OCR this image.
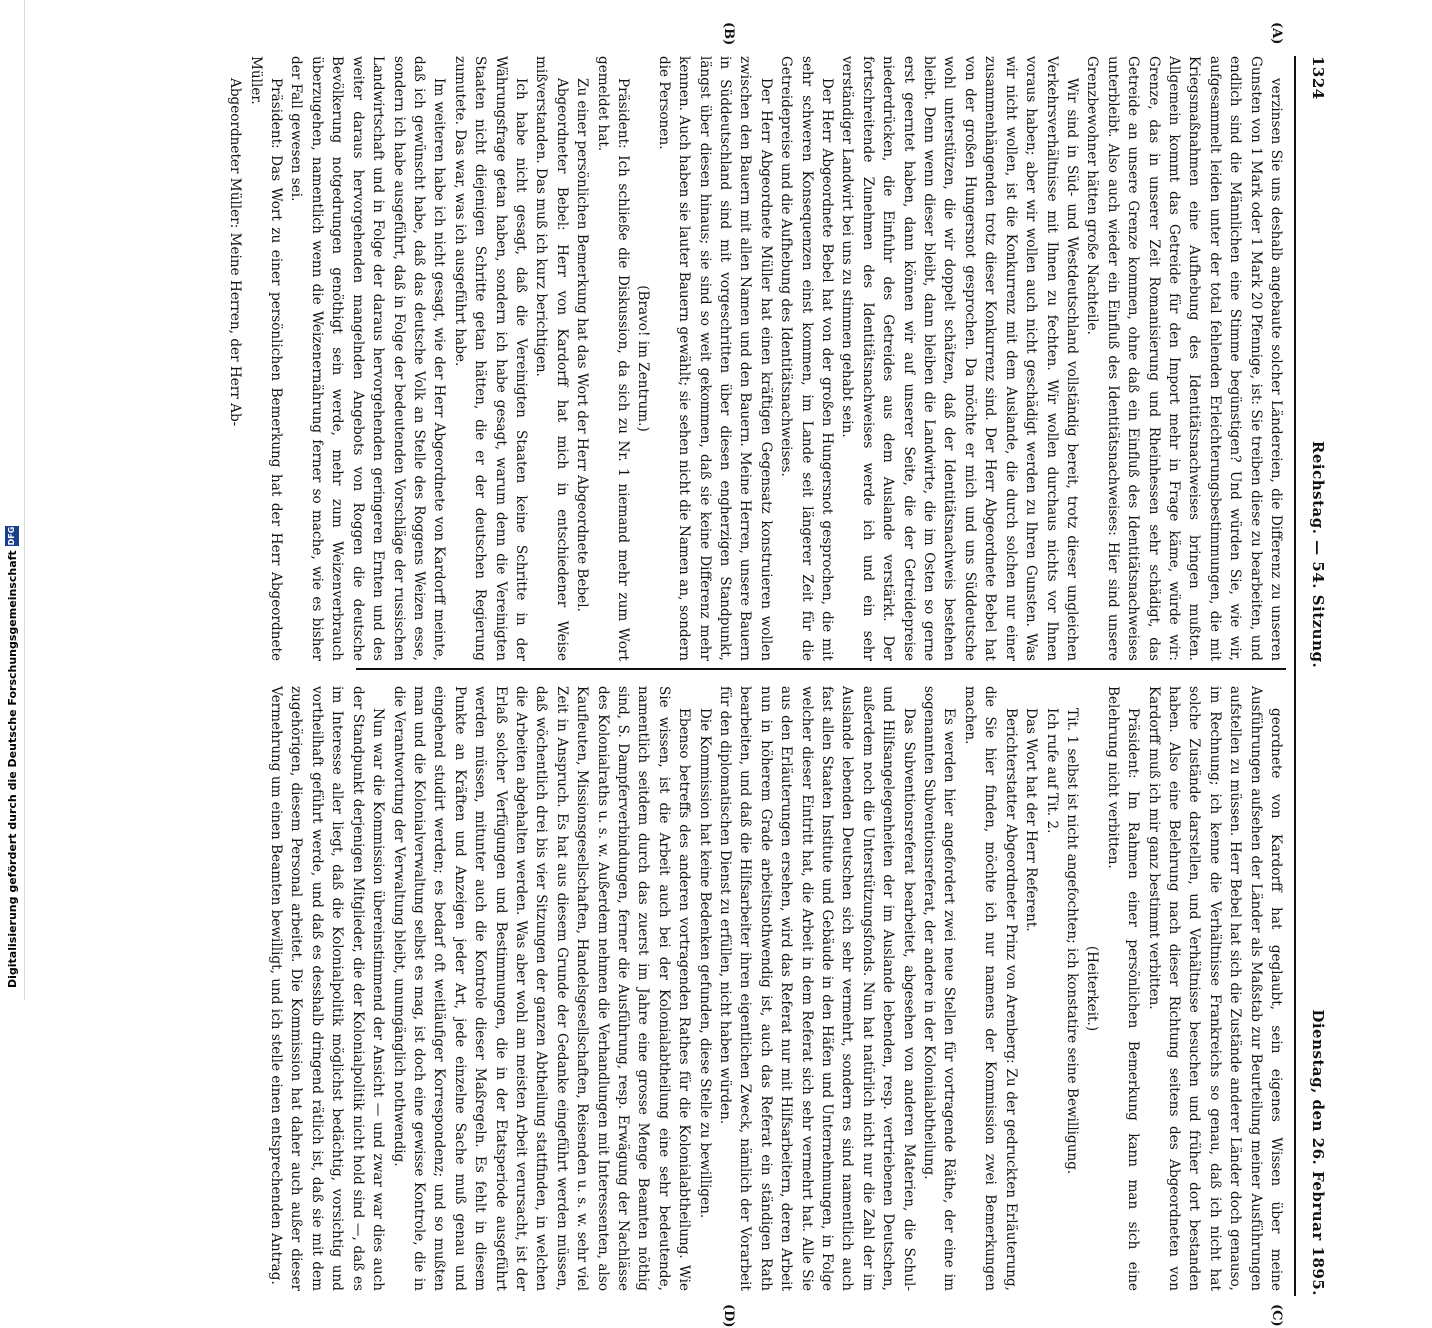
Digitalisierung gefördert durch die Deutsche Forschungsgemeinschaft
DFG
1324
Reichstag. — 54. Sitzung.
Dienstag, den 26. Februar 1895.
(A)
(B)
(C)
(D)

verzinsen Sie uns deshalb angebaute solcher Ländereien, die Differenz zu unseren Gunsten von 1 Mark oder 1 Mark 20 Pfennige, ist: Sie treiben diese zu bearbeiten, und endlich sind die Männlichen eine Stimme begünstigen? Und würden Sie, wie wir, aufgesammelt leiden unter der total fehlenden Erleichterungsbestimmungen, die mit Kriegsmaßnahmen eine Aufhebung des Identitätsnachweises bringen mußten. Allgemein kommt das Getreide für den Import mehr in Frage käme, würde wir: Grenze, das in unserer Zeit Romanisierung und Rheinhessen sehr schädigt, das Getreide an unsere Grenze kommen, ohne daß ein Einfluß des Identitätsnachweises unterbleibt. Also auch wieder ein Einfluß des Identitätsnachweises: Hier sind unsere Grenzbewohner hätten große Nachteile.

Wir sind in Süd- und Westdeutschland vollständig bereit, trotz dieser ungleichen Verkehrsverhältnisse mit Ihnen zu fechten. Wir wollen durchaus nichts vor Ihnen voraus haben; aber wir wollen auch nicht geschädigt werden zu Ihren Gunsten. Was wir nicht wollen, ist die Konkurrenz mit dem Auslande, die durch solchen nur einer zusammenhängenden trotz dieser Konkurrenz sind. Der Herr Abgeordnete Bebel hat von der großen Hungersnot gesprochen. Da möchte er mich und uns Süddeutsche wohl unterstützen, die wir doppelt schätzen, daß der Identitätsnachweis bestehen bleibt. Denn wenn dieser bleibt, dann bleiben die Landwirte, die im Osten so gerne erst geerntet haben, dann können wir auf unserer Seite, die der Getreidepreise niederdrücken, die Einfuhr des Getreides aus dem Auslande verstärkt. Der fortschreitende Zunehmen des Identitätsnachweises werde ich und ein sehr verständiger Landwirt bei uns zu stimmen gehabt sein.

Der Herr Abgeordnete Bebel hat von der großen Hungersnot gesprochen, die mit sehr schweren Konsequenzen einst kommen, im Lande seit längerer Zeit für die Getreidepreise und die Aufhebung des Identitätsnachweises.

Der Herr Abgeordnete Müller hat einen kräftigen Gegensatz konstruieren wollen zwischen den Bauern mit allen Namen und den Bauern. Meine Herren, unsere Bauern in Süddeutschland sind mit vorgeschritten über diesen engherzigen Standpunkt, längst über diesen hinaus; sie sind so weit gekommen, daß sie keine Differenz mehr kennen. Auch haben sie lauter Bauern gewählt; sie sehen nicht die Namen an, sondern die Personen.

(Bravo! im Zentrum.)

Präsident: Ich schließe die Diskussion, da sich zu Nr. 1 niemand mehr zum Wort gemeldet hat.

Zu einer persönlichen Bemerkung hat das Wort der Herr Abgeordnete Bebel.

Abgeordneter Bebel: Herr von Kardorff hat mich in entschiedener Weise mißverstanden. Das muß ich kurz berichtigen.

Ich habe nicht gesagt, daß die Vereinigten Staaten keine Schritte in der Währungsfrage getan haben, sondern ich habe gesagt, warum denn die Vereinigten Staaten nicht diejenigen Schritte getan hätten, die er der deutschen Regierung zumutete. Das war, was ich ausgeführt habe.

Im weiteren habe ich nicht gesagt, wie der Herr Abgeordnete von Kardorff meinte, daß ich gewünscht habe, daß das deutsche Volk an Stelle des Roggens Weizen esse, sondern ich habe ausgeführt, daß in Folge der bedeutenden Vorschläge der russischen Landwirtschaft und in Folge der daraus hervorgehenden geringeren Ernten und des weiter daraus hervorgehenden mangelnden Angebots von Roggen die deutsche Bevölkerung notgedrungen genöthigt sein werde, mehr zum Weizenverbrauch überzugehen, namentlich wenn die Weizenernährung ferner so mache, wie es bisher der Fall gewesen sei.

Präsident: Das Wort zu einer persönlichen Bemerkung hat der Herr Abgeordnete Müller.

Abgeordneter Müller: Meine Herren, der Herr Ab-

geordnete von Kardorff hat geglaubt, sein eigenes Wissen über meine Ausführungen aufsehen der Länder als Maßstab zur Beurteilung meiner Ausführungen aufstellen zu müssen. Herr Bebel hat sich die Zustände anderer Länder doch genauso, im Rechnung; ich kenne die Verhältnisse Frankreichs so genau, daß ich nicht hat solche Zustände darstellen, und Verhältnisse besuchen und früher dort bestanden haben. Also eine Belehrung nach dieser Richtung seitens des Abgeordneten von Kardorff muß ich mir ganz bestimmt verbitten.

Präsident: Im Rahmen einer persönlichen Bemerkung kann man sich eine Belehrung nicht verbitten.

(Heiterkeit.)

Tit. 1 selbst ist nicht angefochten; ich konstatire seine Bewilligung.

Ich rufe auf Tit. 2.

Das Wort hat der Herr Referent.

Berichterstatter Abgeordneter Prinz von Arenberg: Zu der gedruckten Erläuterung, die Sie hier finden, möchte ich nur namens der Kommission zwei Bemerkungen machen.

Es werden hier angefordert zwei neue Stellen für vortragende Räthe, der eine im sogenannten Subventionsreferat, der andere in der Kolonialabtheilung.

Das Subventionsreferat bearbeitet, abgesehen von anderen Materien, die Schul- und Hilfsangelegenheiten der im Auslande lebenden, resp. vertriebenen Deutschen, außerdem noch die Unterstützungsfonds. Nun hat natürlich nicht nur die Zahl der im Auslande lebenden Deutschen sich sehr vermehrt, sondern es sind namentlich auch fast allen Staaten Institute und Gebäude in den Häfen und Unternehmungen, in Folge welcher dieser Eintritt hat, die Arbeit in dem Referat sich sehr vermehrt hat. Alle Sie aus den Erläuterungen ersehen, wird das Referat nur mit Hilfsarbeitern, deren Arbeit nun in höherem Grade arbeitsnothwendig ist, auch das Referat ein ständigen Rath bearbeiten, und daß die Hilfsarbeiter ihren eigentlichen Zweck, nämlich der Vorarbeit für den diplomatischen Dienst zu erfüllen, nicht haben würden.

Die Kommission hat keine Bedenken gefunden, diese Stelle zu bewilligen.

Ebenso betreffs des anderen vortragenden Rathes für die Kolonialabtheilung. Wie Sie wissen, ist die Arbeit auch bei der Kolonialabtheilung eine sehr bedeutende, namentlich seitdem durch das zuerst im Jahre eine grosse Menge Beamten nöthig sind, S. Dampferverbindungen, ferner die Ausführung, resp. Erwägung der Nachlässe des Kolonialraths u. s. w. Außerdem nehmen die Verhandlungen mit Interessenten, also Kaufleuten, Missionsgesellschaften, Handelsgesellschaften, Reisenden u. s. w. sehr viel Zeit in Anspruch. Es hat aus diesem Grunde der Gedanke eingeführt werden müssen, daß wöchentlich drei bis vier Sitzungen der ganzen Abtheilung stattfinden, in welchen die Arbeiten abgehalten werden. Was aber wohl am meisten Arbeit verursacht, ist der Erlaß solcher Verfügungen und Bestimmungen, die in der Etatsperiode ausgeführt werden müssen, mitunter auch die Kontrole dieser Maßregeln. Es fehlt in diesem Punkte an Kräften und Anzeigen jeder Art, jede einzelne Sache muß genau und eingehend studirt werden; es bedarf oft weitläufiger Korrespondenz; und so mußten man und die Kolonialverwaltung selbst es mag, ist doch eine gewisse Kontrole, die in die Verantwortung der Verwaltung bleibt, unumgänglich nothwendig.

Nun war die Kommission übereinstimmend der Ansicht — und zwar war dies auch der Standpunkt derjenigen Mitglieder, die der Kolonialpolitik nicht hold sind —, daß es im Interesse aller liegt, daß die Kolonialpolitik möglichst bedächtig, vorsichtig und vortheilhaft geführt werde, und daß es desshalb dringend rätlich ist, daß sie mit dem zugehörigen, diesem Personal arbeitet. Die Kommission hat daher auch außer dieser Vermehrung um einen Beamten bewilligt, und ich stelle einen entsprechenden Antrag.
